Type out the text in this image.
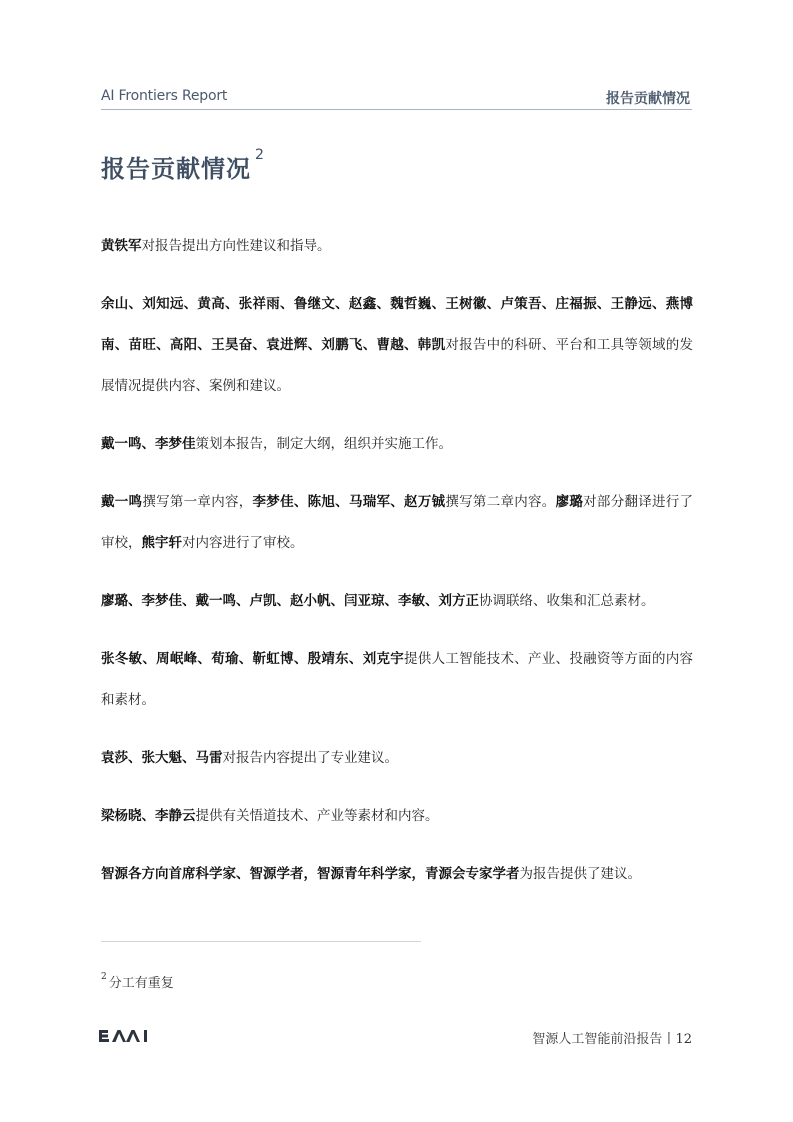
AI Frontiers Report	报告贡献情况
报告贡献情况 $^2$

黄铁军对报告提出方向性建议和指导。

余山、刘知远、黄高、张祥雨、鲁继文、赵鑫、魏哲巍、王树徽、卢策吾、庄福振、王静远、燕博南、苗旺、高阳、王昊奋、袁进辉、刘鹏飞、曹越、韩凯对报告中的科研、平台和工具等领域的发展情况提供内容、案例和建议。

戴一鸣、李梦佳策划本报告，制定大纲，组织并实施工作。

戴一鸣撰写第一章内容，李梦佳、陈旭、马瑞军、赵万铖撰写第二章内容。廖璐对部分翻译进行了审校，熊宇轩对内容进行了审校。

廖璐、李梦佳、戴一鸣、卢凯、赵小帆、闫亚琼、李敏、刘方正协调联络、收集和汇总素材。

张冬敏、周岷峰、荀瑜、靳虹博、殷靖东、刘克宇提供人工智能技术、产业、投融资等方面的内容和素材。

袁莎、张大魁、马雷对报告内容提出了专业建议。

梁杨晓、李静云提供有关悟道技术、产业等素材和内容。

智源各方向首席科学家、智源学者，智源青年科学家，青源会专家学者为报告提供了建议。

$^2$ 分工有重复
智源人工智能前沿报告丨12
